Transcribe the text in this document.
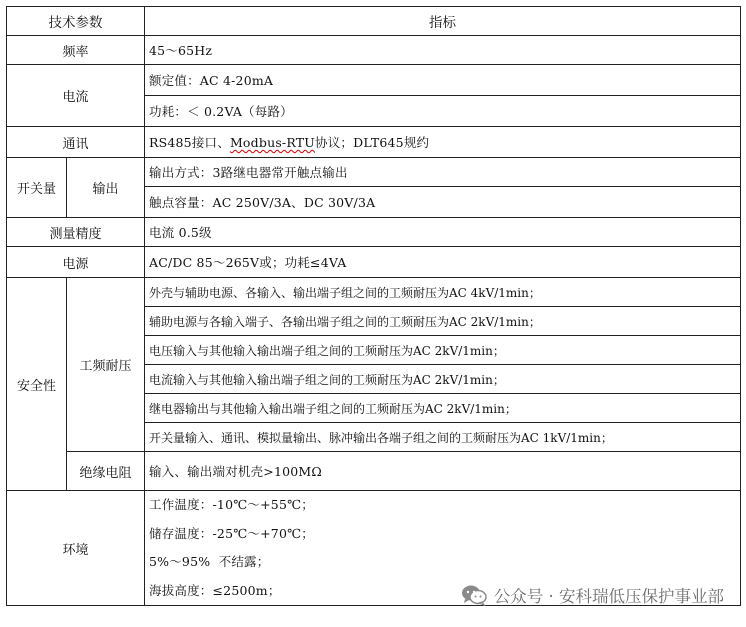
技术参数		指标
频率		45～65Hz
电流		额定值：AC 4-20mA
		功耗：＜ 0.2VA（每路）
通讯		RS485接口、Modbus-RTU协议；DLT645规约
开关量	输出	输出方式：3路继电器常开触点输出
		触点容量：AC 250V/3A、DC 30V/3A
测量精度		电流 0.5级
电源		AC/DC 85～265V或；功耗≤4VA
安全性	工频耐压	外壳与辅助电源、各输入、输出端子组之间的工频耐压为AC 4kV/1min；
		辅助电源与各输入端子、各输出端子组之间的工频耐压为AC 2kV/1min；
		电压输入与其他输入输出端子组之间的工频耐压为AC 2kV/1min；
		电流输入与其他输入输出端子组之间的工频耐压为AC 2kV/1min；
		继电器输出与其他输入输出端子组之间的工频耐压为AC 2kV/1min；
		开关量输入、通讯、模拟量输出、脉冲输出各端子组之间的工频耐压为AC 1kV/1min；
	绝缘电阻	输入、输出端对机壳>100MΩ
环境		工作温度：-10℃～+55℃；
储存温度：-25℃～+70℃；
5%～95%  不结露；
海拔高度：≤2500m；	公众号 · 安科瑞低压保护事业部
